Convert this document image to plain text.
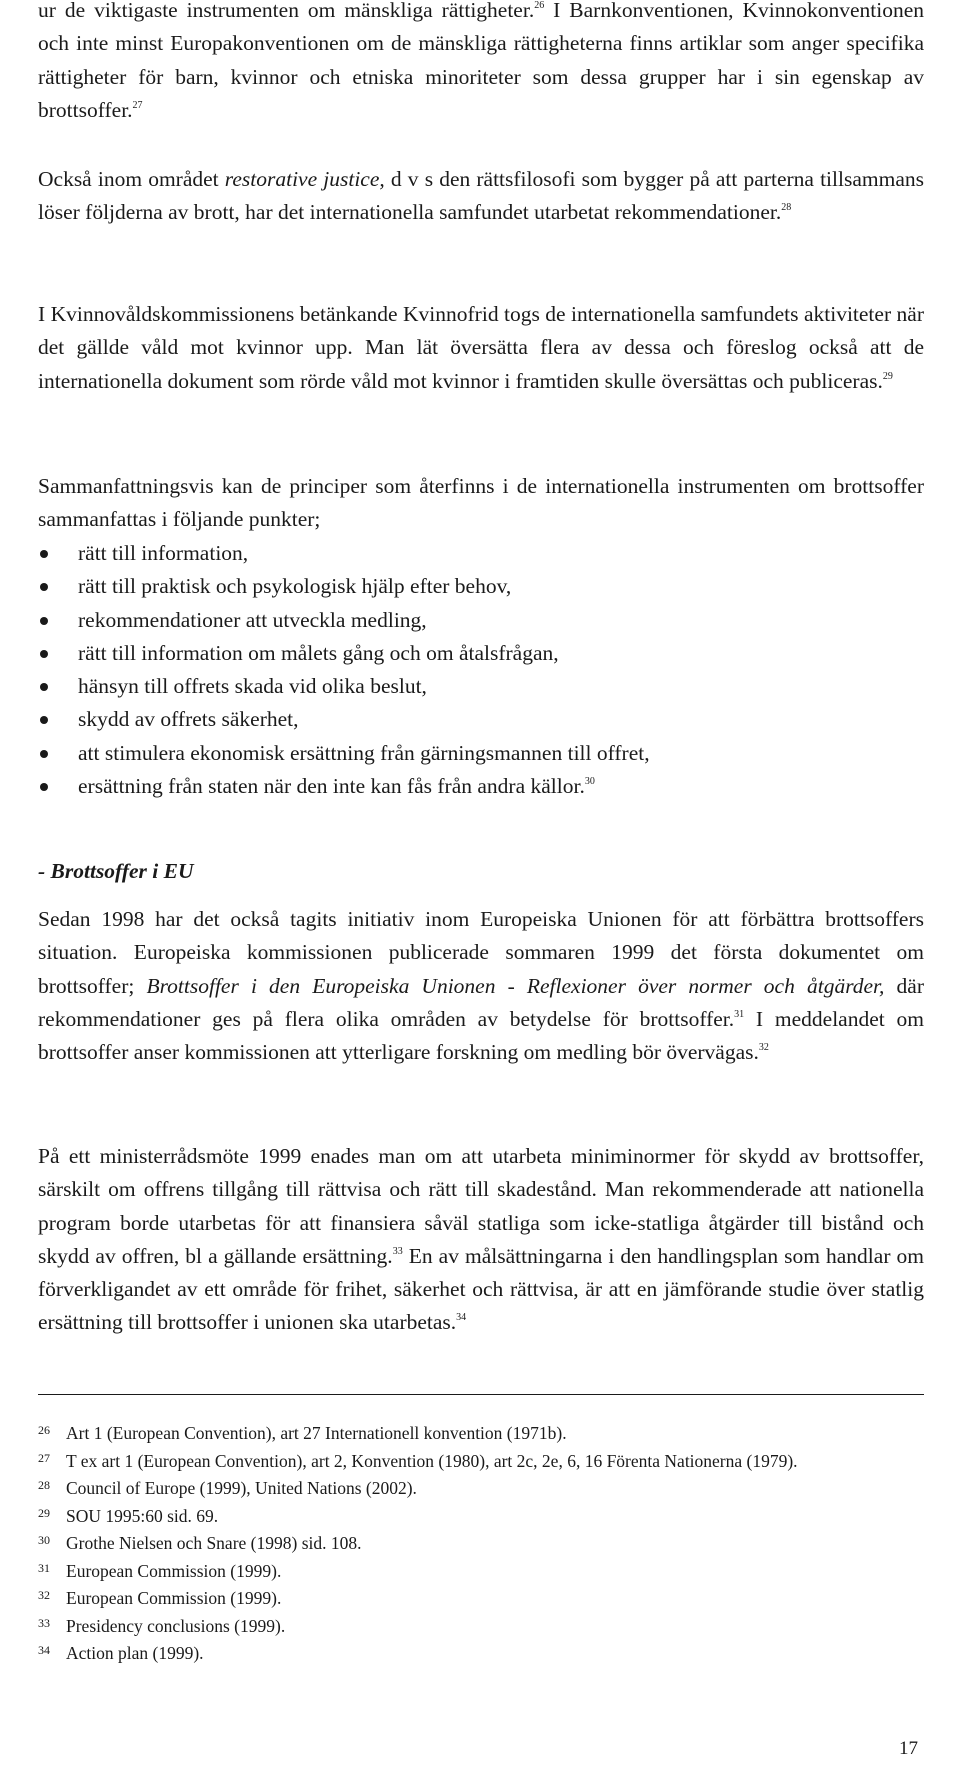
ur de viktigaste instrumenten om mänskliga rättigheter.$^{26}$ I Barnkonventionen, Kvinnokonventionen och inte minst Europakonventionen om de mänskliga rättigheterna finns artiklar som anger specifika rättigheter för barn, kvinnor och etniska minoriteter som dessa grupper har i sin egenskap av brottsoffer.$^{27}$

Också inom området restorative justice, d v s den rättsfilosofi som bygger på att parterna tillsammans löser följderna av brott, har det internationella samfundet utarbetat rekommendationer.$^{28}$

I Kvinnovåldskommissionens betänkande Kvinnofrid togs de internationella samfundets aktiviteter när det gällde våld mot kvinnor upp. Man lät översätta flera av dessa och föreslog också att de internationella dokument som rörde våld mot kvinnor i framtiden skulle översättas och publiceras.$^{29}$

Sammanfattningsvis kan de principer som återfinns i de internationella instrumenten om brottsoffer sammanfattas i följande punkter;

rätt till information,
rätt till praktisk och psykologisk hjälp efter behov,
rekommendationer att utveckla medling,
rätt till information om målets gång och om åtalsfrågan,
hänsyn till offrets skada vid olika beslut,
skydd av offrets säkerhet,
att stimulera ekonomisk ersättning från gärningsmannen till offret,
ersättning från staten när den inte kan fås från andra källor.$^{30}$
- Brottsoffer i EU

Sedan 1998 har det också tagits initiativ inom Europeiska Unionen för att förbättra brottsoffers situation. Europeiska kommissionen publicerade sommaren 1999 det första dokumentet om brottsoffer; Brottsoffer i den Europeiska Unionen - Reflexioner över normer och åtgärder, där rekommendationer ges på flera olika områden av betydelse för brottsoffer.$^{31}$ I meddelandet om brottsoffer anser kommissionen att ytterligare forskning om medling bör övervägas.$^{32}$

På ett ministerrådsmöte 1999 enades man om att utarbeta miniminormer för skydd av brottsoffer, särskilt om offrens tillgång till rättvisa och rätt till skadestånd. Man rekommenderade att nationella program borde utarbetas för att finansiera såväl statliga som icke-statliga åtgärder till bistånd och skydd av offren, bl a gällande ersättning.$^{33}$ En av målsättningarna i den handlingsplan som handlar om förverkligandet av ett område för frihet, säkerhet och rättvisa, är att en jämförande studie över statlig ersättning till brottsoffer i unionen ska utarbetas.$^{34}$

26 Art 1 (European Convention), art 27 Internationell konvention (1971b).
27 T ex art 1 (European Convention), art 2, Konvention (1980), art 2c, 2e, 6, 16 Förenta Nationerna (1979).
28 Council of Europe (1999), United Nations (2002).
29 SOU 1995:60 sid. 69.
30 Grothe Nielsen och Snare (1998) sid. 108.
31 European Commission (1999).
32 European Commission (1999).
33 Presidency conclusions (1999).
34 Action plan (1999).
17
